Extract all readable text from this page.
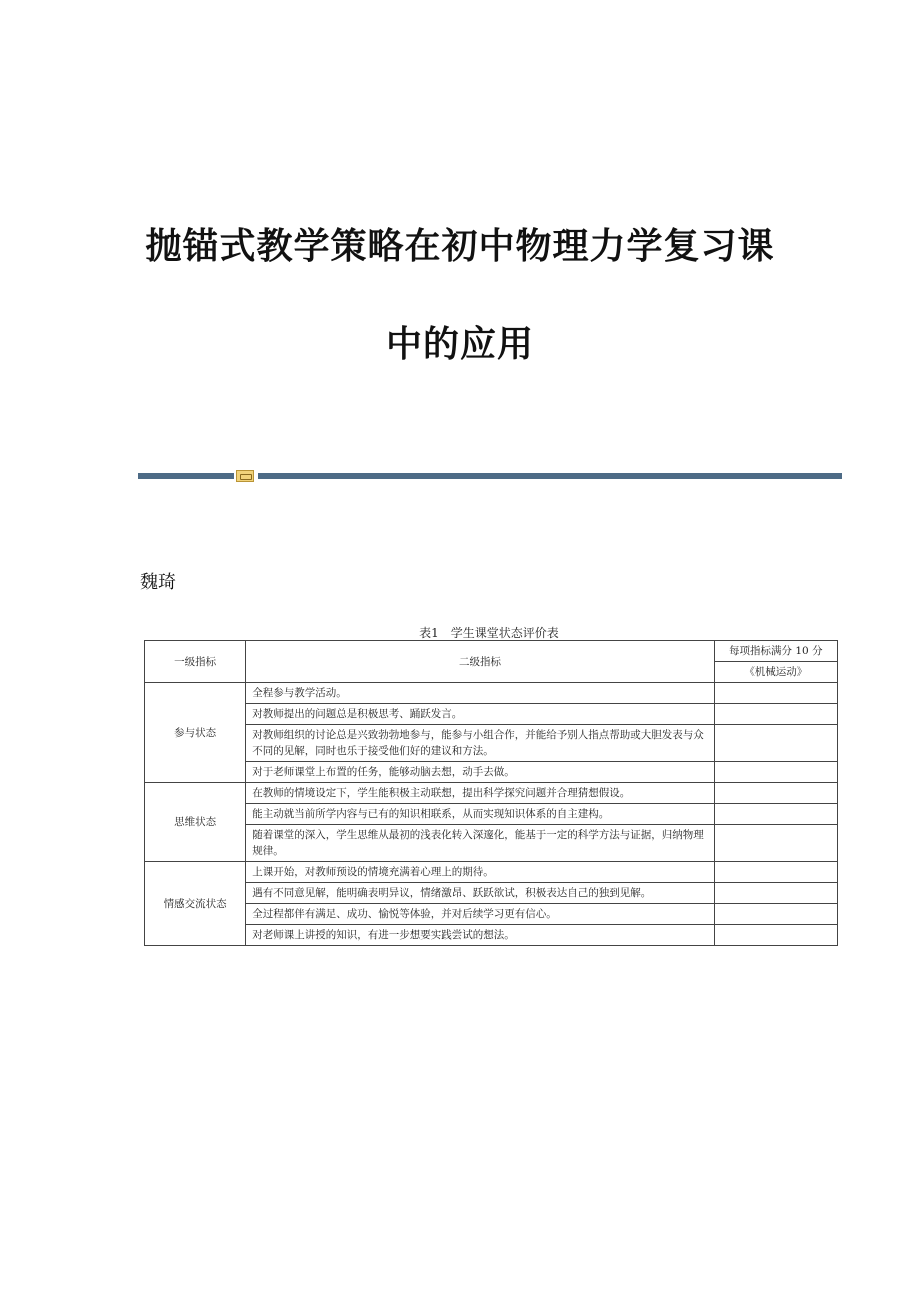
抛锚式教学策略在初中物理力学复习课
中的应用
魏琦
表1　学生课堂状态评价表
一级指标	二级指标	每项指标满分 10 分
		《机械运动》
参与状态	全程参与教学活动。	
	对教师提出的问题总是积极思考、踊跃发言。	
	对教师组织的讨论总是兴致勃勃地参与，能参与小组合作，并能给予别人指点帮助或大胆发表与众不同的见解，同时也乐于接受他们好的建议和方法。	
	对于老师课堂上布置的任务，能够动脑去想，动手去做。	
思维状态	在教师的情境设定下，学生能积极主动联想，提出科学探究问题并合理猜想假设。	
	能主动就当前所学内容与已有的知识相联系，从而实现知识体系的自主建构。	
	随着课堂的深入，学生思维从最初的浅表化转入深邃化，能基于一定的科学方法与证据，归纳物理规律。	
情感交流状态	上课开始，对教师预设的情境充满着心理上的期待。	
	遇有不同意见解，能明确表明异议，情绪激昂、跃跃欲试，积极表达自己的独到见解。	
	全过程都伴有满足、成功、愉悦等体验，并对后续学习更有信心。	
	对老师课上讲授的知识，有进一步想要实践尝试的想法。	
